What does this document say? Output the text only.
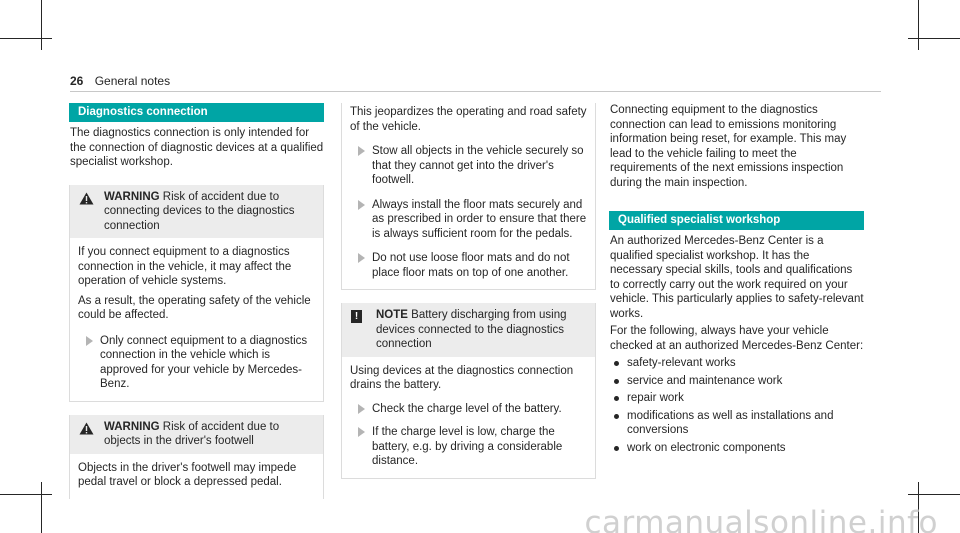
26 General notes
Diagnostics connection

The diagnostics connection is only intended for the connection of diagnostic devices at a qualified specialist workshop.

WARNING Risk of accident due to connecting devices to the diagnostics connection

If you connect equipment to a diagnostics connection in the vehicle, it may affect the operation of vehicle systems.

As a result, the operating safety of the vehicle could be affected.

Only connect equipment to a diagnostics connection in the vehicle which is approved for your vehicle by Mercedes-Benz.
WARNING Risk of accident due to objects in the driver's footwell

Objects in the driver's footwell may impede pedal travel or block a depressed pedal.

This jeopardizes the operating and road safety of the vehicle.

Stow all objects in the vehicle securely so that they cannot get into the driver's footwell.
Always install the floor mats securely and as prescribed in order to ensure that there is always sufficient room for the pedals.
Do not use loose floor mats and do not place floor mats on top of one another.
!	NOTE Battery discharging from using devices connected to the diagnostics connection

Using devices at the diagnostics connection drains the battery.

Check the charge level of the battery.
If the charge level is low, charge the battery, e.g. by driving a considerable distance.

Connecting equipment to the diagnostics connection can lead to emissions monitoring information being reset, for example. This may lead to the vehicle failing to meet the requirements of the next emissions inspection during the main inspection.

Qualified specialist workshop

An authorized Mercedes-Benz Center is a qualified specialist workshop. It has the necessary special skills, tools and qualifications to correctly carry out the work required on your vehicle. This particularly applies to safety-relevant works.

For the following, always have your vehicle checked at an authorized Mercedes-Benz Center:

safety-relevant works
service and maintenance work
repair work
modifications as well as installations and conversions
work on electronic components
carmanualsonline.info
